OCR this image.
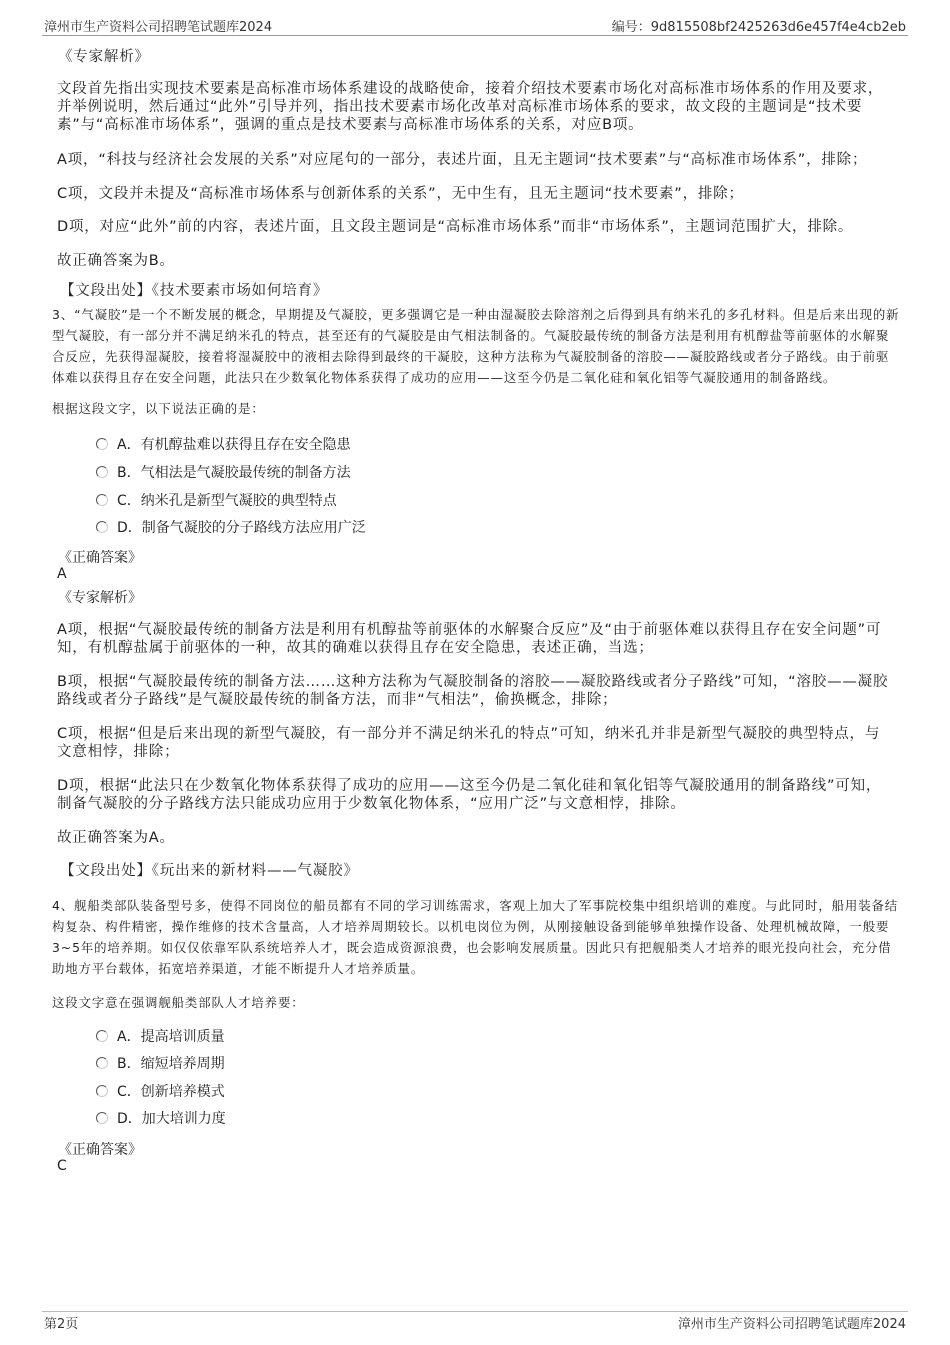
漳州市生产资料公司招聘笔试题库2024	编号：9d815508bf2425263d6e457f4e4cb2eb
《专家解析》

文段首先指出实现技术要素是高标准市场体系建设的战略使命，接着介绍技术要素市场化对高标准市场体系的作用及要求，并举例说明，然后通过“此外”引导并列，指出技术要素市场化改革对高标准市场体系的要求，故文段的主题词是“技术要素”与“高标准市场体系”，强调的重点是技术要素与高标准市场体系的关系，对应B项。

A项，“科技与经济社会发展的关系”对应尾句的一部分，表述片面，且无主题词“技术要素”与“高标准市场体系”，排除；

C项，文段并未提及“高标准市场体系与创新体系的关系”，无中生有，且无主题词“技术要素”，排除；

D项，对应“此外”前的内容，表述片面，且文段主题词是“高标准市场体系”而非“市场体系”，主题词范围扩大，排除。

故正确答案为B。

【文段出处】《技术要素市场如何培育》

3、“气凝胶”是一个不断发展的概念，早期提及气凝胶，更多强调它是一种由湿凝胶去除溶剂之后得到具有纳米孔的多孔材料。但是后来出现的新型气凝胶，有一部分并不满足纳米孔的特点，甚至还有的气凝胶是由气相法制备的。气凝胶最传统的制备方法是利用有机醇盐等前驱体的水解聚合反应，先获得湿凝胶，接着将湿凝胶中的液相去除得到最终的干凝胶，这种方法称为气凝胶制备的溶胶——凝胶路线或者分子路线。由于前驱体难以获得且存在安全问题，此法只在少数氧化物体系获得了成功的应用——这至今仍是二氧化硅和氧化铝等气凝胶通用的制备路线。

根据这段文字，以下说法正确的是：

A．有机醇盐难以获得且存在安全隐患
B．气相法是气凝胶最传统的制备方法
C．纳米孔是新型气凝胶的典型特点
D．制备气凝胶的分子路线方法应用广泛
《正确答案》
A
《专家解析》

A项，根据“气凝胶最传统的制备方法是利用有机醇盐等前驱体的水解聚合反应”及“由于前驱体难以获得且存在安全问题”可知，有机醇盐属于前驱体的一种，故其的确难以获得且存在安全隐患，表述正确，当选；

B项，根据“气凝胶最传统的制备方法……这种方法称为气凝胶制备的溶胶——凝胶路线或者分子路线”可知，“溶胶——凝胶路线或者分子路线”是气凝胶最传统的制备方法，而非“气相法”，偷换概念，排除；

C项，根据“但是后来出现的新型气凝胶，有一部分并不满足纳米孔的特点”可知，纳米孔并非是新型气凝胶的典型特点，与文意相悖，排除；

D项，根据“此法只在少数氧化物体系获得了成功的应用——这至今仍是二氧化硅和氧化铝等气凝胶通用的制备路线”可知，制备气凝胶的分子路线方法只能成功应用于少数氧化物体系，“应用广泛”与文意相悖，排除。

故正确答案为A。

【文段出处】《玩出来的新材料——气凝胶》

4、舰船类部队装备型号多，使得不同岗位的船员都有不同的学习训练需求，客观上加大了军事院校集中组织培训的难度。与此同时，船用装备结构复杂、构件精密，操作维修的技术含量高，人才培养周期较长。以机电岗位为例，从刚接触设备到能够单独操作设备、处理机械故障，一般要3~5年的培养期。如仅仅依靠军队系统培养人才，既会造成资源浪费，也会影响发展质量。因此只有把舰船类人才培养的眼光投向社会，充分借助地方平台载体，拓宽培养渠道，才能不断提升人才培养质量。

这段文字意在强调舰船类部队人才培养要：

A．提高培训质量
B．缩短培养周期
C．创新培养模式
D．加大培训力度
《正确答案》
C
第2页	漳州市生产资料公司招聘笔试题库2024
